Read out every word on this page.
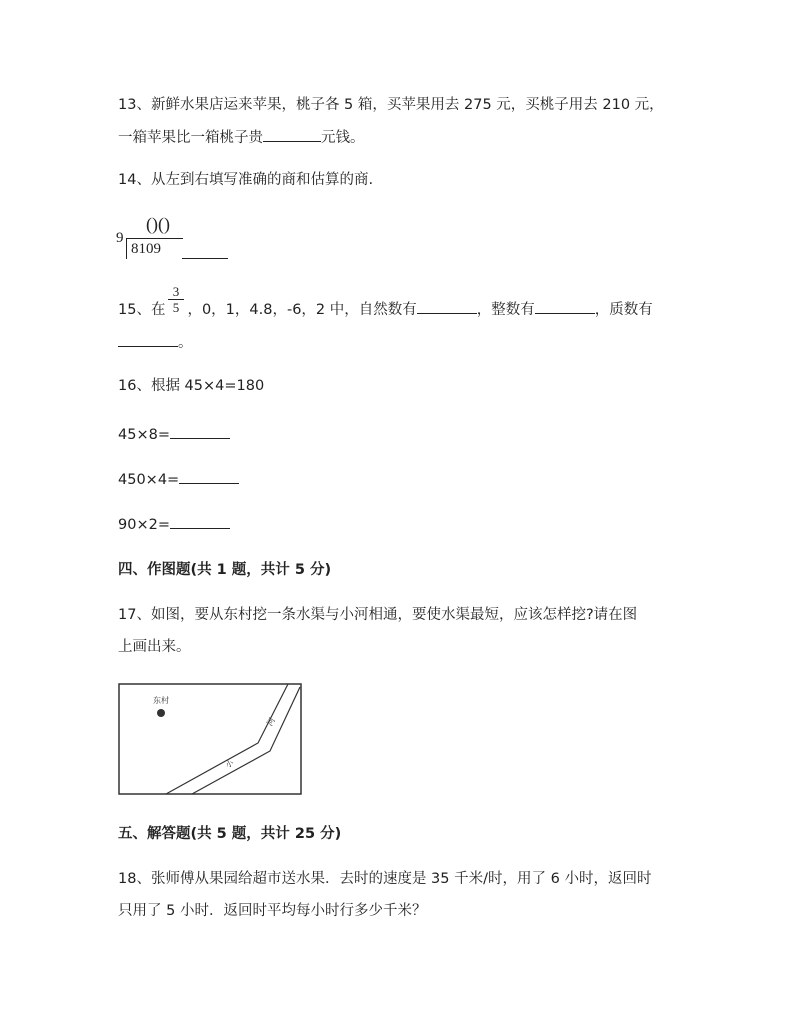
13、新鲜水果店运来苹果，桃子各 5 箱，买苹果用去 275 元，买桃子用去 210 元，
一箱苹果比一箱桃子贵	元钱。
14、从左到右填写准确的商和估算的商.
()()
9
8109
3
5
15、在 ，0，1，4.8，-6，2 中，自然数有	，整数有	，质数有
。
16、根据 45×4=180
45×8=
450×4=
90×2=
四、作图题(共 1 题，共计 5 分)
17、如图，要从东村挖一条水渠与小河相通，要使水渠最短，应该怎样挖?请在图
上画出来。
东村
河
小
五、解答题(共 5 题，共计 25 分)
18、张师傅从果园给超市送水果．去时的速度是 35 千米/时，用了 6 小时，返回时
只用了 5 小时．返回时平均每小时行多少千米？
